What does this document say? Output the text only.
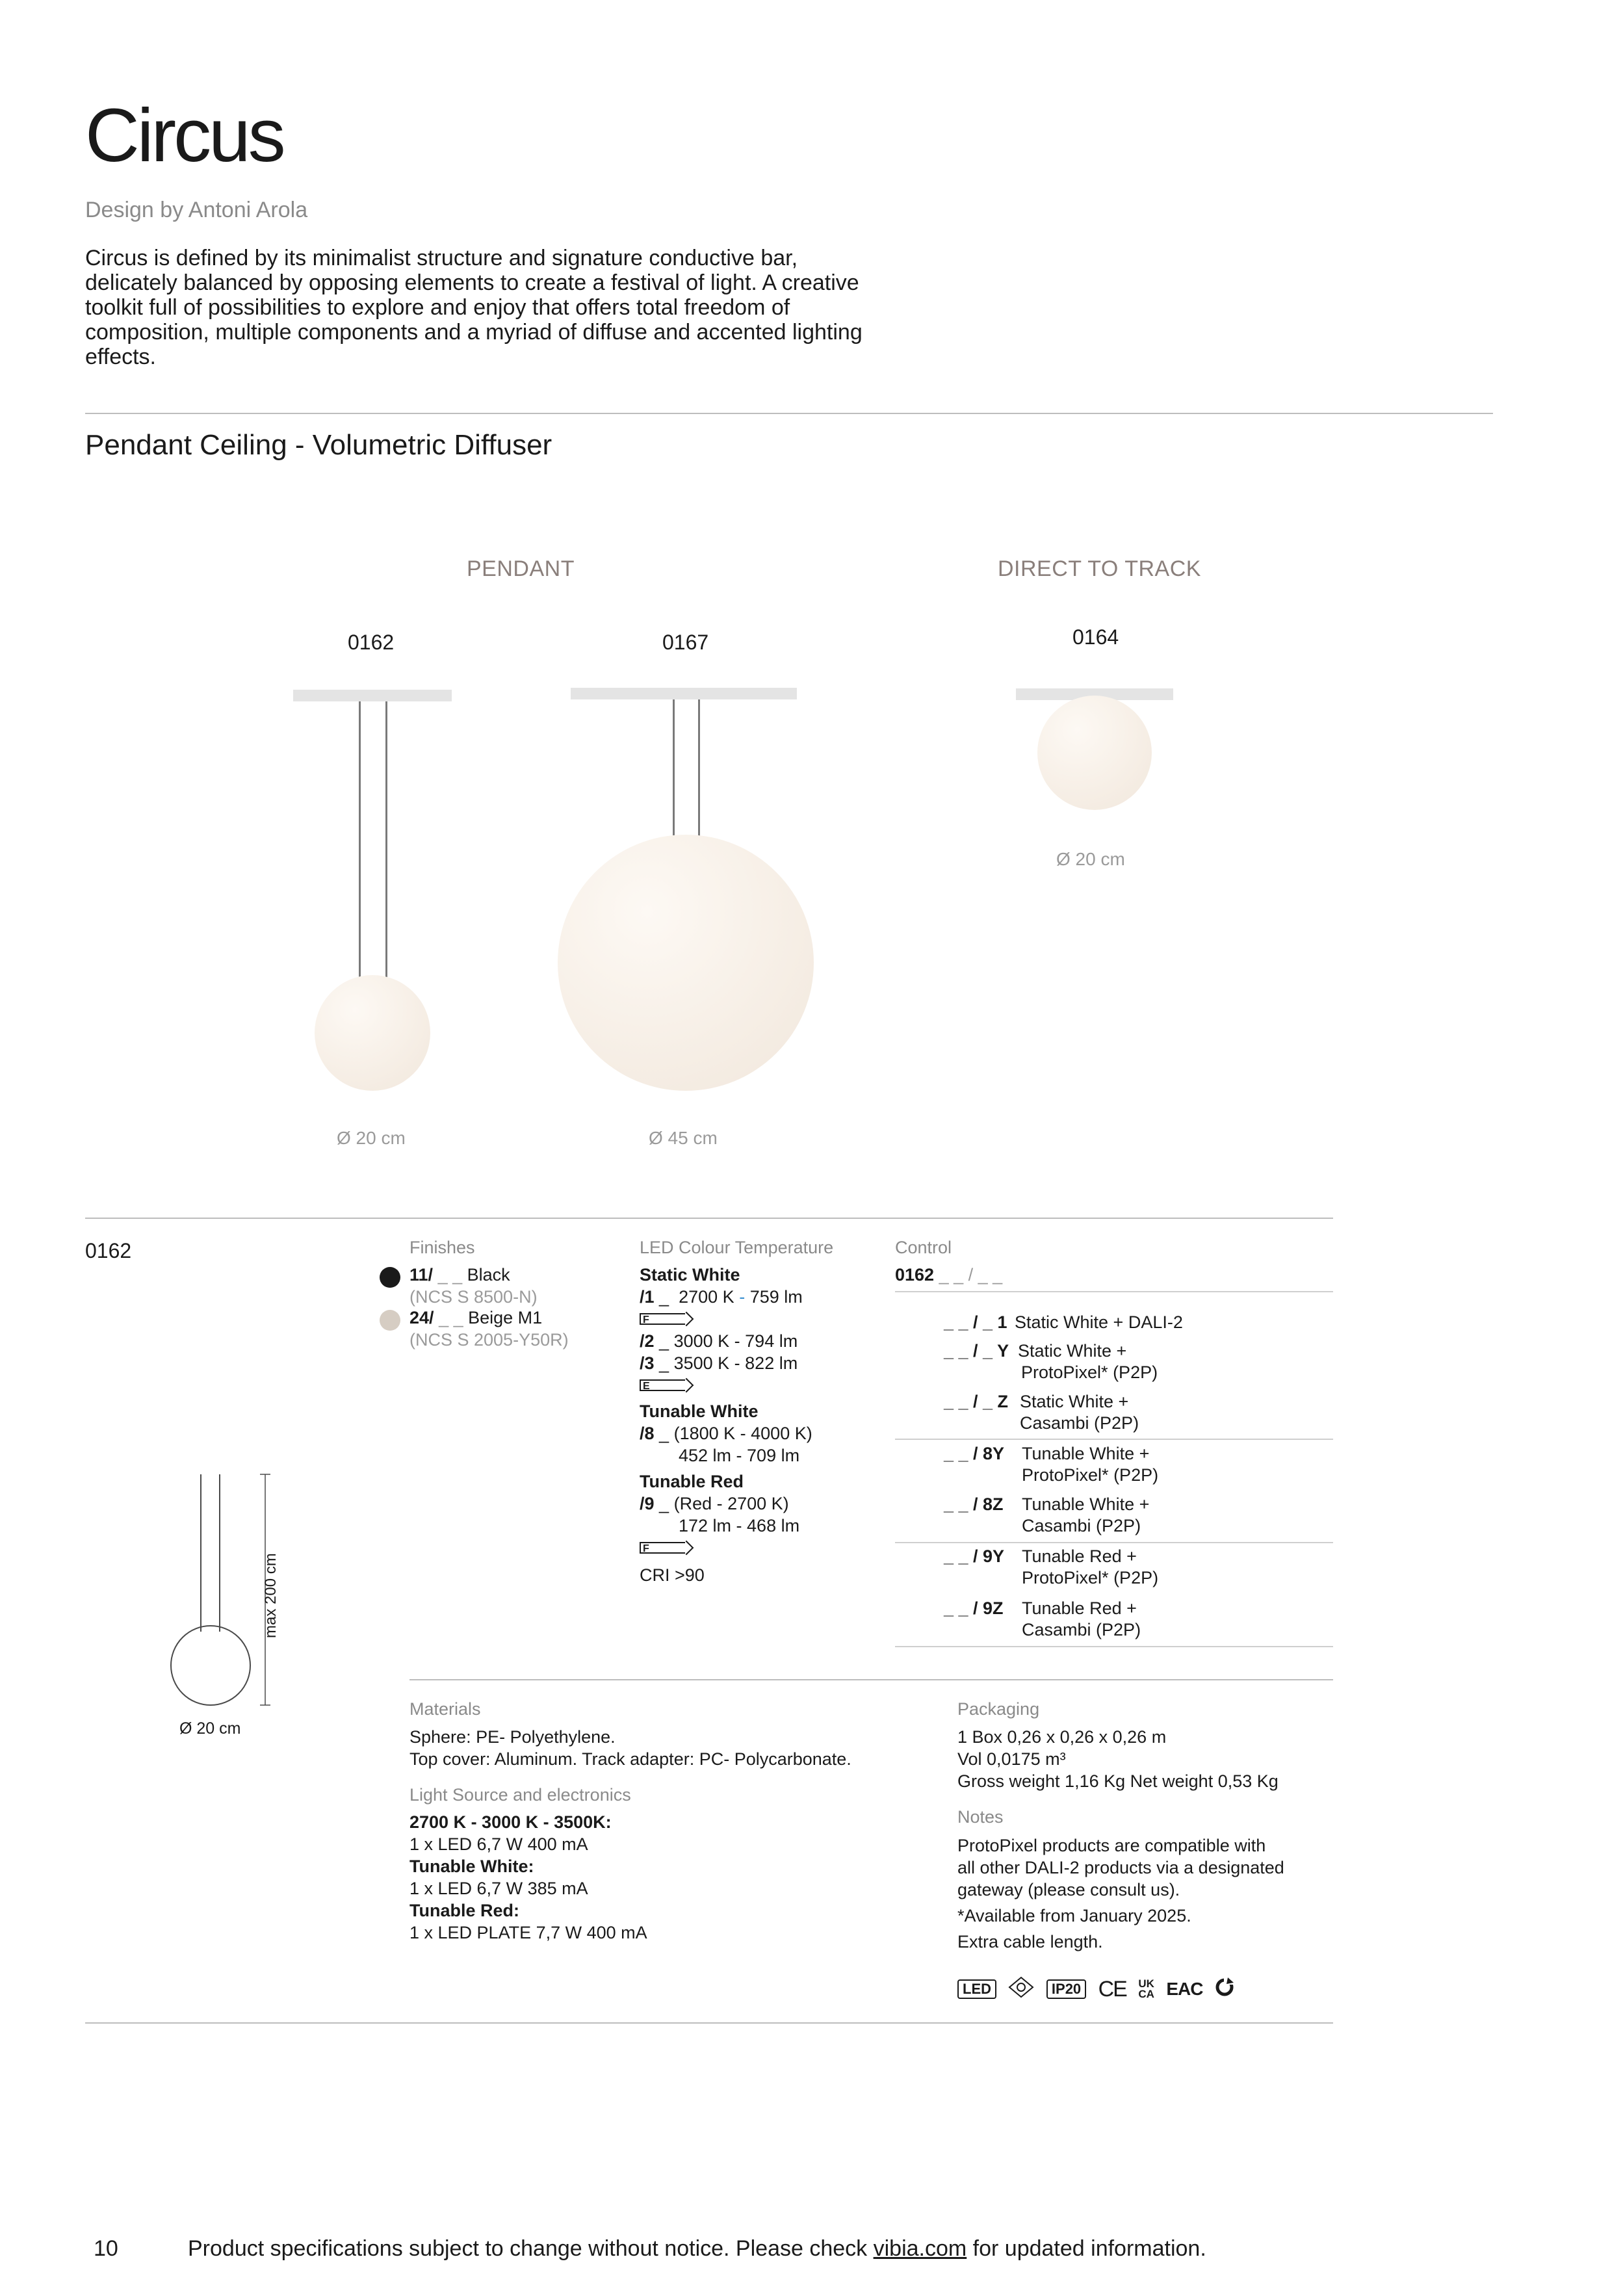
Circus
Design by Antoni Arola
Circus is defined by its minimalist structure and signature conductive bar, delicately balanced by opposing elements to create a festival of light. A creative toolkit full of possibilities to explore and enjoy that offers total freedom of composition, multiple components and a myriad of diffuse and accented lighting effects.
Pendant Ceiling - Volumetric Diffuser
PENDANT	DIRECT TO TRACK
0162
Ø 20 cm
0167
Ø 45 cm
0164
Ø 20 cm
0162
max 200 cm
Ø 20 cm
Finishes
11/ _ _ Black
(NCS S 8500-N)
24/ _ _ Beige M1
(NCS S 2005-Y50R)
LED Colour Temperature
Static White
/1 _ 2700 K - 759 lm

F

/2 _ 3000 K - 794 lm
/3 _ 3500 K - 822 lm

E

Tunable White
/8 _ (1800 K - 4000 K)
452 lm - 709 lm

Tunable Red
/9 _ (Red - 2700 K)
172 lm - 468 lm

F

CRI >90
Control
0162 _ _ / _ _
_ _ / _ 1 Static White + DALI-2
_ _ / _ Y Static White +
ProtoPixel* (P2P)
_ _ / _ Z Static White +
Casambi (P2P)
_ _ / 8Y Tunable White +
ProtoPixel* (P2P)
_ _ / 8Z Tunable White +
Casambi (P2P)
_ _ / 9Y Tunable Red +
ProtoPixel* (P2P)
_ _ / 9Z Tunable Red +
Casambi (P2P)
Materials
Sphere: PE- Polyethylene.
Top cover: Aluminum. Track adapter: PC- Polycarbonate.
Light Source and electronics
2700 K - 3000 K - 3500K:
1 x LED 6,7 W 400 mA
Tunable White:
1 x LED 6,7 W 385 mA
Tunable Red:
1 x LED PLATE 7,7 W 400 mA
Packaging
1 Box 0,26 x 0,26 x 0,26 m
Vol 0,0175 m³
Gross weight 1,16 Kg Net weight 0,53 Kg
Notes
ProtoPixel products are compatible with
all other DALI-2 products via a designated
gateway (please consult us).
*Available from January 2025.
Extra cable length.
LED	IP20 CE UK
CA EAC
10	Product specifications subject to change without notice. Please check vibia.com for updated information.
